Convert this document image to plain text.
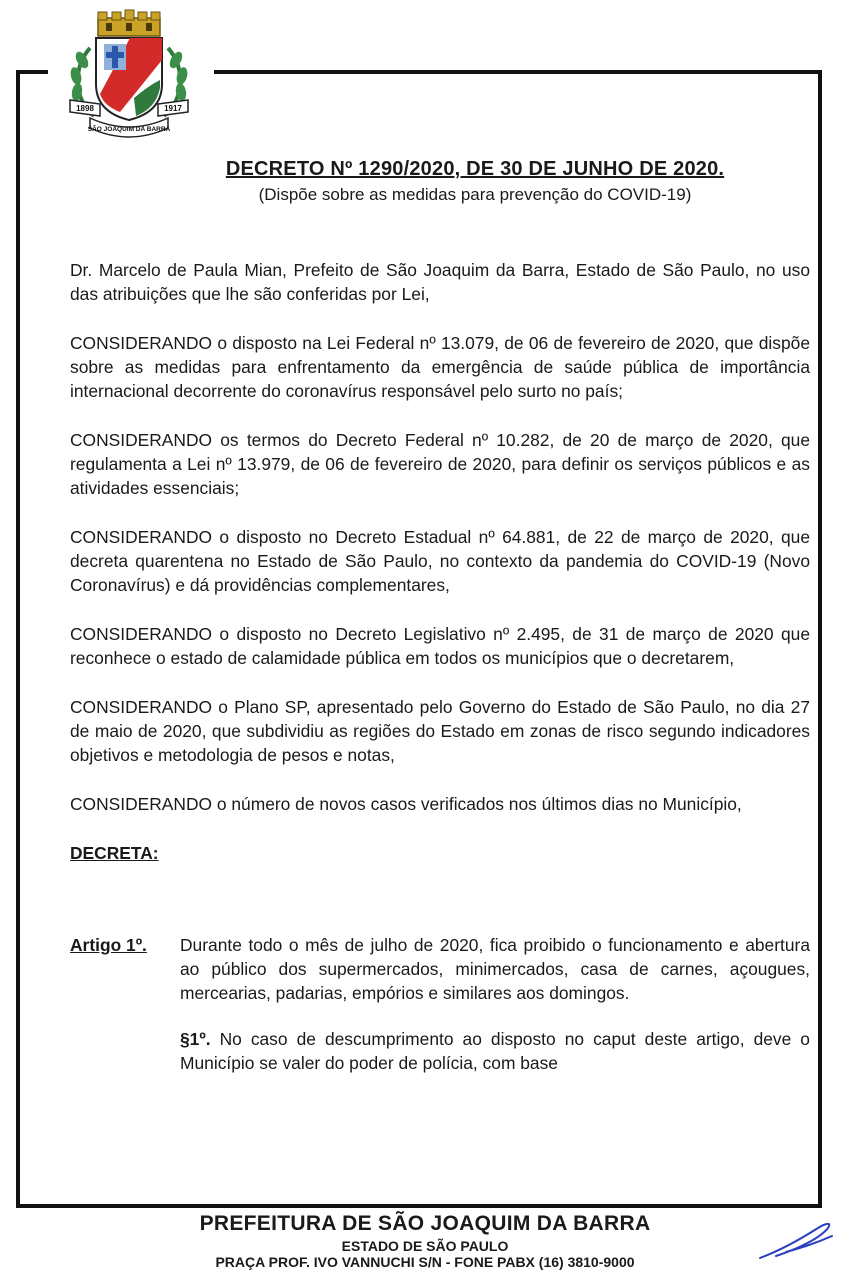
1898	1917
SÃO JOAQUIM DA BARRA
DECRETO Nº 1290/2020, DE 30 DE JUNHO DE 2020.
(Dispõe sobre as medidas para prevenção do COVID-19)

Dr. Marcelo de Paula Mian, Prefeito de São Joaquim da Barra, Estado de São Paulo, no uso das atribuições que lhe são conferidas por Lei,

CONSIDERANDO o disposto na Lei Federal nº 13.079, de 06 de fevereiro de 2020, que dispõe sobre as medidas para enfrentamento da emergência de saúde pública de importância internacional decorrente do coronavírus responsável pelo surto no país;

CONSIDERANDO os termos do Decreto Federal nº 10.282, de 20 de março de 2020, que regulamenta a Lei nº 13.979, de 06 de fevereiro de 2020, para definir os serviços públicos e as atividades essenciais;

CONSIDERANDO o disposto no Decreto Estadual nº 64.881, de 22 de março de 2020, que decreta quarentena no Estado de São Paulo, no contexto da pandemia do COVID-19 (Novo Coronavírus) e dá providências complementares,

CONSIDERANDO o disposto no Decreto Legislativo nº 2.495, de 31 de março de 2020 que reconhece o estado de calamidade pública em todos os municípios que o decretarem,

CONSIDERANDO o Plano SP, apresentado pelo Governo do Estado de São Paulo, no dia 27 de maio de 2020, que subdividiu as regiões do Estado em zonas de risco segundo indicadores objetivos e metodologia de pesos e notas,

CONSIDERANDO o número de novos casos verificados nos últimos dias no Município,

DECRETA:

Artigo 1º.	Durante todo o mês de julho de 2020, fica proibido o funcionamento e abertura ao público dos supermercados, minimercados, casa de carnes, açougues, mercearias, padarias, empórios e similares aos domingos.

§1º. No caso de descumprimento ao disposto no caput deste artigo, deve o Município se valer do poder de polícia, com base

PREFEITURA DE SÃO JOAQUIM DA BARRA
ESTADO DE SÃO PAULO
PRAÇA PROF. IVO VANNUCHI S/N - FONE PABX (16) 3810-9000
